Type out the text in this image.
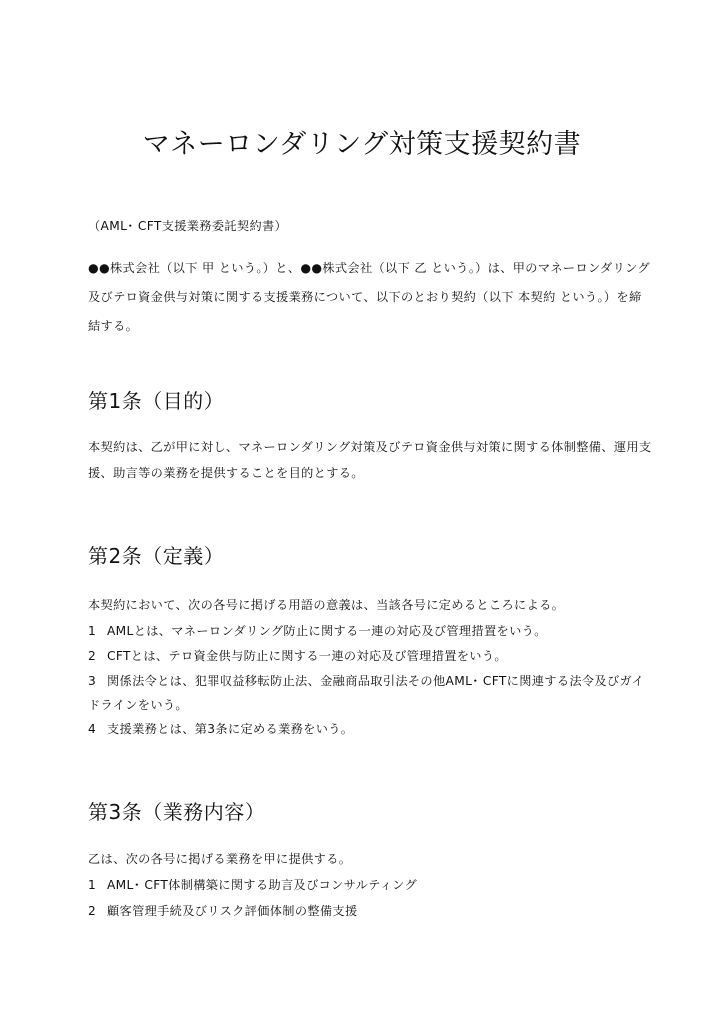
マネーロンダリング対策支援契約書
（AML･ CFT支援業務委託契約書）
●●株式会社（以下 甲 という。）と、●●株式会社（以下 乙 という。）は、甲のマネーロンダリング
及びテロ資金供与対策に関する支援業務について、以下のとおり契約（以下 本契約 という。）を締
結する。
第1条（目的）
本契約は、乙が甲に対し、マネーロンダリング対策及びテロ資金供与対策に関する体制整備、運用支
援、助言等の業務を提供することを目的とする。
第2条（定義）
本契約において、次の各号に掲げる用語の意義は、当該各号に定めるところによる。
1 AMLとは、マネーロンダリング防止に関する一連の対応及び管理措置をいう。
2 CFTとは、テロ資金供与防止に関する一連の対応及び管理措置をいう。
3 関係法令とは、犯罪収益移転防止法、金融商品取引法その他AML･ CFTに関連する法令及びガイ
ドラインをいう。
4 支援業務とは、第3条に定める業務をいう。
第3条（業務内容）
乙は、次の各号に掲げる業務を甲に提供する。
1 AML･ CFT体制構築に関する助言及びコンサルティング
2 顧客管理手続及びリスク評価体制の整備支援
